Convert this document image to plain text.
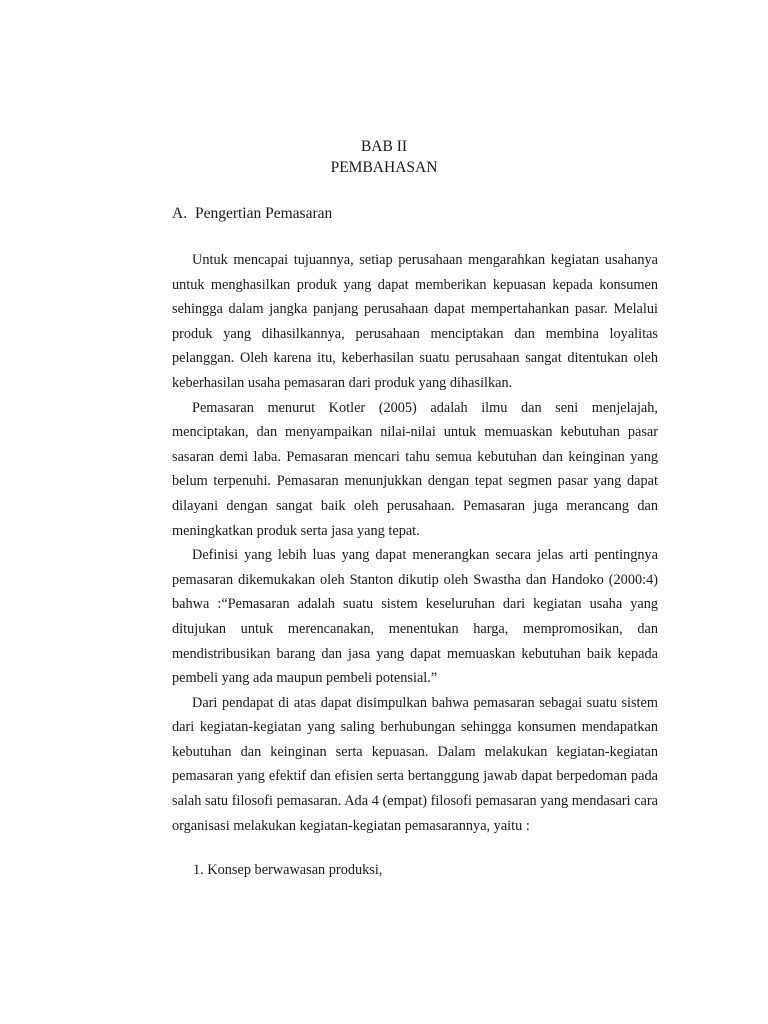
BAB II
PEMBAHASAN
A. Pengertian Pemasaran

Untuk mencapai tujuannya, setiap perusahaan mengarahkan kegiatan usahanya untuk menghasilkan produk yang dapat memberikan kepuasan kepada konsumen sehingga dalam jangka panjang perusahaan dapat mempertahankan pasar. Melalui produk yang dihasilkannya, perusahaan menciptakan dan membina loyalitas pelanggan. Oleh karena itu, keberhasilan suatu perusahaan sangat ditentukan oleh keberhasilan usaha pemasaran dari produk yang dihasilkan.

Pemasaran menurut Kotler (2005) adalah ilmu dan seni menjelajah, menciptakan, dan menyampaikan nilai-nilai untuk memuaskan kebutuhan pasar sasaran demi laba. Pemasaran mencari tahu semua kebutuhan dan keinginan yang belum terpenuhi. Pemasaran menunjukkan dengan tepat segmen pasar yang dapat dilayani dengan sangat baik oleh perusahaan. Pemasaran juga merancang dan meningkatkan produk serta jasa yang tepat.

Definisi yang lebih luas yang dapat menerangkan secara jelas arti pentingnya pemasaran dikemukakan oleh Stanton dikutip oleh Swastha dan Handoko (2000:4) bahwa :“Pemasaran adalah suatu sistem keseluruhan dari kegiatan usaha yang ditujukan untuk merencanakan, menentukan harga, mempromosikan, dan mendistribusikan barang dan jasa yang dapat memuaskan kebutuhan baik kepada pembeli yang ada maupun pembeli potensial.”

Dari pendapat di atas dapat disimpulkan bahwa pemasaran sebagai suatu sistem dari kegiatan-kegiatan yang saling berhubungan sehingga konsumen mendapatkan kebutuhan dan keinginan serta kepuasan. Dalam melakukan kegiatan-kegiatan pemasaran yang efektif dan efisien serta bertanggung jawab dapat berpedoman pada salah satu filosofi pemasaran. Ada 4 (empat) filosofi pemasaran yang mendasari cara organisasi melakukan kegiatan-kegiatan pemasarannya, yaitu :

1. Konsep berwawasan produksi,
